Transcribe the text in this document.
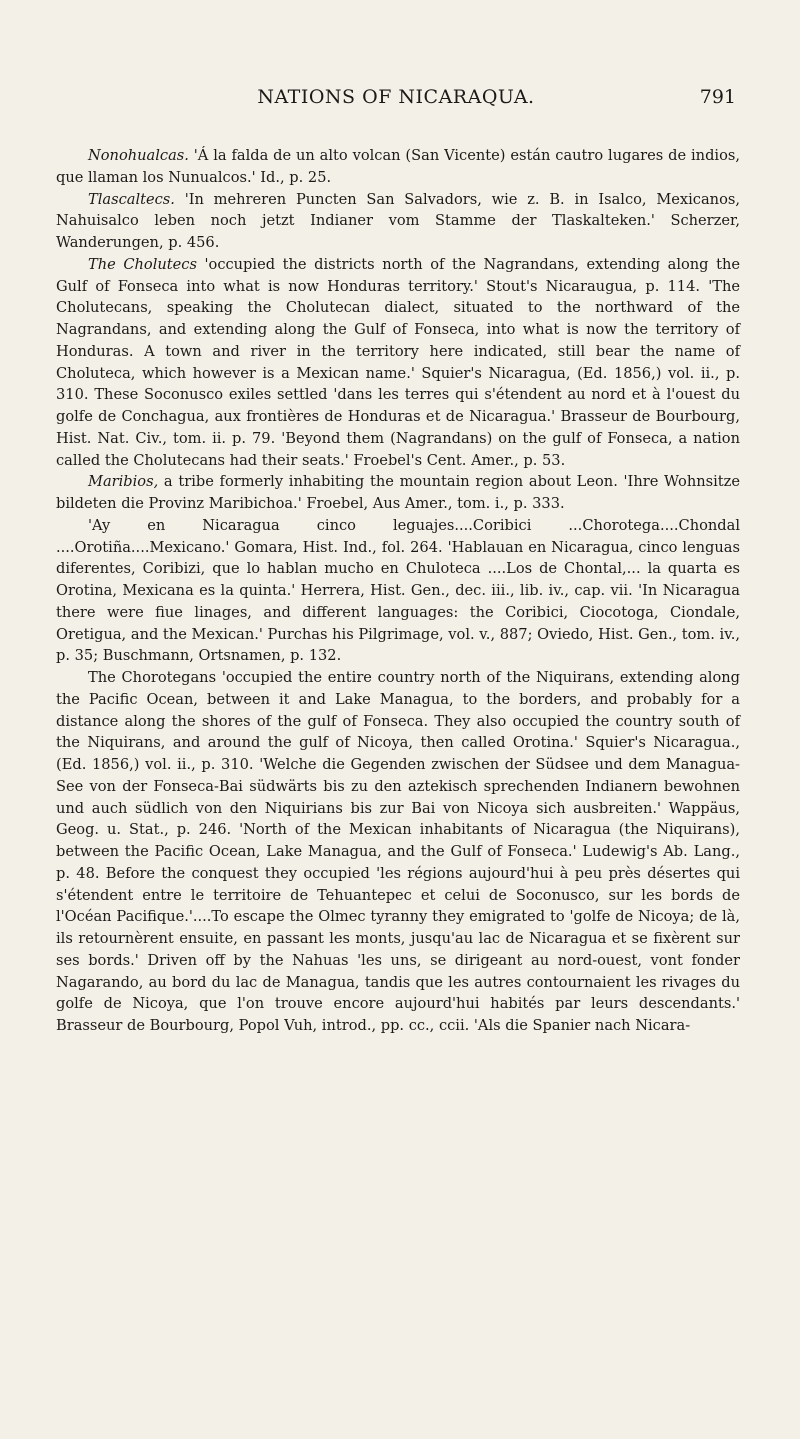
NATIONS OF NICARAQUA.	791

Nonohualcas. 'Á la falda de un alto volcan (San Vicente) están cautro lugares de indios, que llaman los Nunualcos.' Id., p. 25.

Tlascaltecs. 'In mehreren Puncten San Salvadors, wie z. B. in Isalco, Mexicanos, Nahuisalco leben noch jetzt Indianer vom Stamme der Tlaskalteken.' Scherzer, Wanderungen, p. 456.

The Cholutecs 'occupied the districts north of the Nagrandans, extending along the Gulf of Fonseca into what is now Honduras territory.' Stout's Nicaraugua, p. 114. 'The Cholutecans, speaking the Cholutecan dialect, situated to the northward of the Nagrandans, and extending along the Gulf of Fonseca, into what is now the territory of Honduras. A town and river in the territory here indicated, still bear the name of Choluteca, which however is a Mexican name.' Squier's Nicaragua, (Ed. 1856,) vol. ii., p. 310. These Soconusco exiles settled 'dans les terres qui s'étendent au nord et à l'ouest du golfe de Conchagua, aux frontières de Honduras et de Nicaragua.' Brasseur de Bourbourg, Hist. Nat. Civ., tom. ii. p. 79. 'Beyond them (Nagrandans) on the gulf of Fonseca, a nation called the Cholutecans had their seats.' Froebel's Cent. Amer., p. 53.

Maribios, a tribe formerly inhabiting the mountain region about Leon. 'Ihre Wohnsitze bildeten die Provinz Maribichoa.' Froebel, Aus Amer., tom. i., p. 333.

'Ay en Nicaragua cinco leguajes....Coribici ...Chorotega....Chondal ....Orotiña....Mexicano.' Gomara, Hist. Ind., fol. 264. 'Hablauan en Nicaragua, cinco lenguas diferentes, Coribizi, que lo hablan mucho en Chuloteca ....Los de Chontal,... la quarta es Orotina, Mexicana es la quinta.' Herrera, Hist. Gen., dec. iii., lib. iv., cap. vii. 'In Nicaragua there were fiue linages, and different languages: the Coribici, Ciocotoga, Ciondale, Oretigua, and the Mexican.' Purchas his Pilgrimage, vol. v., 887; Oviedo, Hist. Gen., tom. iv., p. 35; Buschmann, Ortsnamen, p. 132.

The Chorotegans 'occupied the entire country north of the Niquirans, extending along the Pacific Ocean, between it and Lake Managua, to the borders, and probably for a distance along the shores of the gulf of Fonseca. They also occupied the country south of the Niquirans, and around the gulf of Nicoya, then called Orotina.' Squier's Nicaragua., (Ed. 1856,) vol. ii., p. 310. 'Welche die Gegenden zwischen der Südsee und dem Managua-See von der Fonseca-Bai südwärts bis zu den aztekisch sprechenden Indianern bewohnen und auch südlich von den Niquirians bis zur Bai von Nicoya sich ausbreiten.' Wappäus, Geog. u. Stat., p. 246. 'North of the Mexican inhabitants of Nicaragua (the Niquirans), between the Pacific Ocean, Lake Managua, and the Gulf of Fonseca.' Ludewig's Ab. Lang., p. 48. Before the conquest they occupied 'les régions aujourd'hui à peu près désertes qui s'étendent entre le territoire de Tehuantepec et celui de Soconusco, sur les bords de l'Océan Pacifique.'....To escape the Olmec tyranny they emigrated to 'golfe de Nicoya; de là, ils retournèrent ensuite, en passant les monts, jusqu'au lac de Nicaragua et se fixèrent sur ses bords.' Driven off by the Nahuas 'les uns, se dirigeant au nord-ouest, vont fonder Nagarando, au bord du lac de Managua, tandis que les autres contournaient les rivages du golfe de Nicoya, que l'on trouve encore aujourd'hui habités par leurs descendants.' Brasseur de Bourbourg, Popol Vuh, introd., pp. cc., ccii. 'Als die Spanier nach Nicara-
